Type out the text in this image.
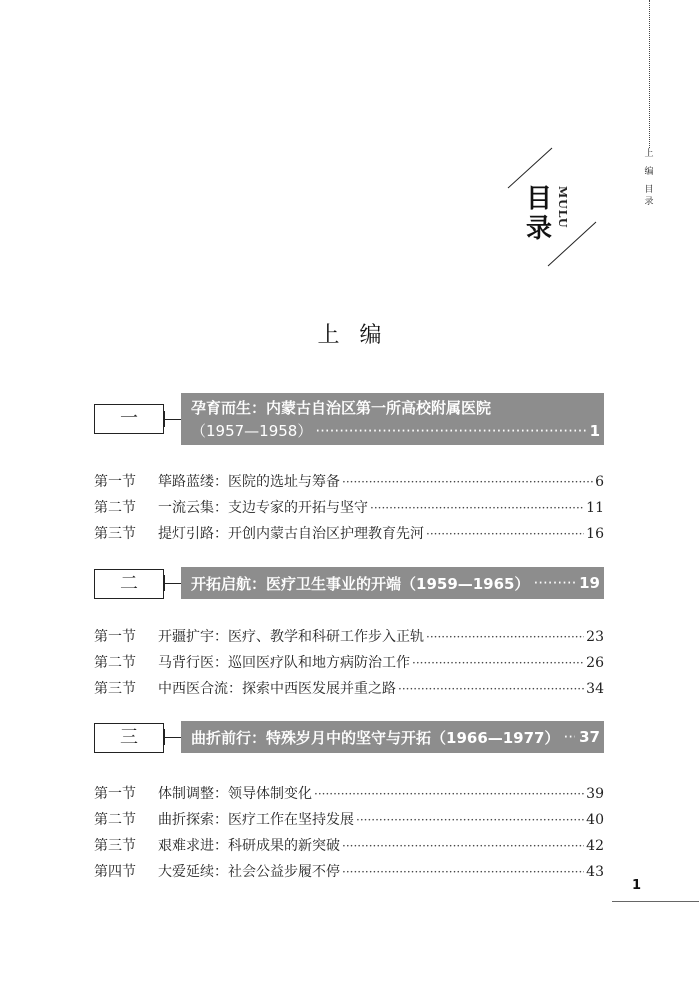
上
编
目
录
目
录
MULU
上编
一	孕育而生：内蒙古自治区第一所高校附属医院
（1957—1958） ·····	1
第一节	筚路蓝缕：医院的选址与筹备 ·····	6
第二节	一流云集：支边专家的开拓与坚守 ·····	11
第三节	提灯引路：开创内蒙古自治区护理教育先河 ·····	16
二	开拓启航：医疗卫生事业的开端（1959—1965） ·····	19
第一节	开疆扩宇：医疗、教学和科研工作步入正轨 ·····	23
第二节	马背行医：巡回医疗队和地方病防治工作 ·····	26
第三节	中西医合流：探索中西医发展并重之路 ·····	34
三	曲折前行：特殊岁月中的坚守与开拓（1966—1977） ····· 37
第一节	体制调整：领导体制变化 ·····	39
第二节	曲折探索：医疗工作在坚持发展 ·····	40
第三节	艰难求进：科研成果的新突破 ·····	42
第四节	大爱延续：社会公益步履不停 ·····	43
1
